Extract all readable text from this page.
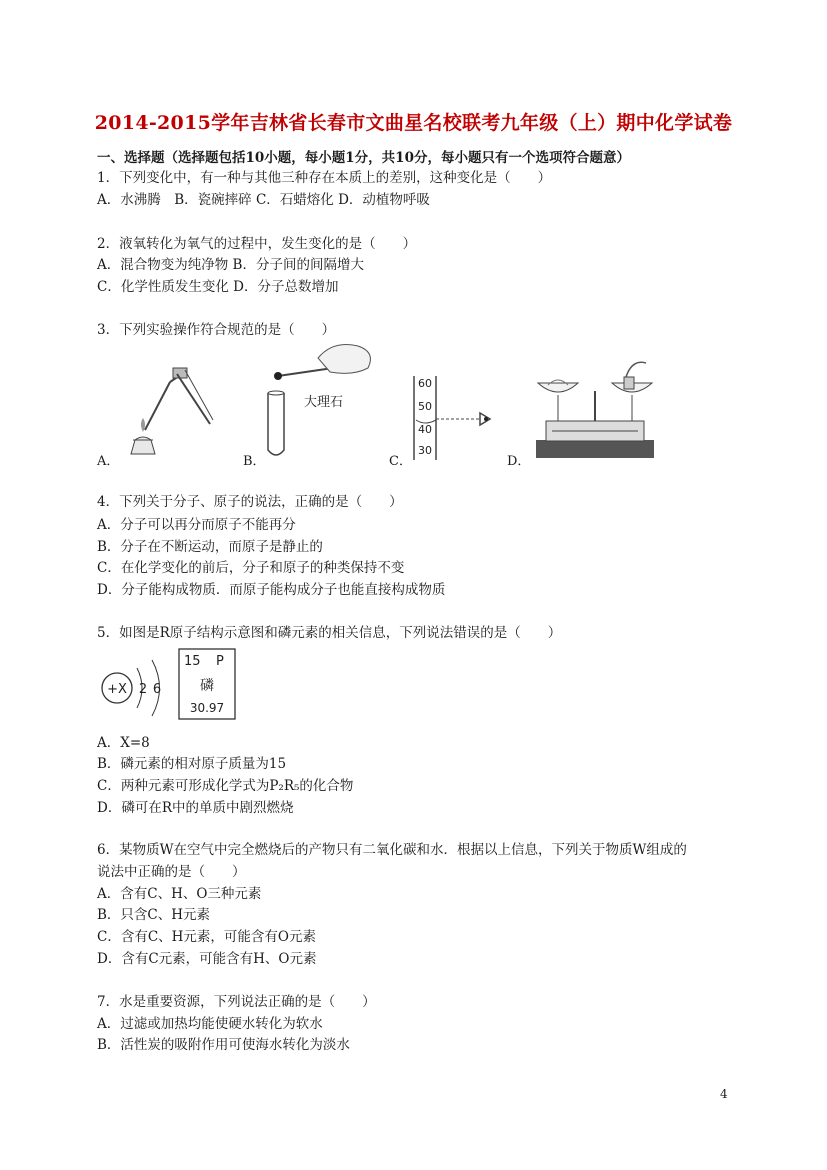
2014-2015学年吉林省长春市文曲星名校联考九年级（上）期中化学试卷
一、选择题（选择题包括10小题，每小题1分，共10分，每小题只有一个选项符合题意）
1．下列变化中，有一种与其他三种存在本质上的差别，这种变化是（　　）
A．水沸腾　B．瓷碗摔碎 C．石蜡熔化 D．动植物呼吸
2．液氧转化为氧气的过程中，发生变化的是（　　）
A．混合物变为纯净物 B．分子间的间隔增大
C．化学性质发生变化 D．分子总数增加
3．下列实验操作符合规范的是（　　）
A．	B．	C．	D．
大理石
60
50
40
30
4．下列关于分子、原子的说法，正确的是（　　）
A．分子可以再分而原子不能再分
B．分子在不断运动，而原子是静止的
C．在化学变化的前后，分子和原子的种类保持不变
D．分子能构成物质．而原子能构成分子也能直接构成物质
5．如图是R原子结构示意图和磷元素的相关信息，下列说法错误的是（　　）
+X 2 6
15 P
磷
30.97
A．X=8
B．磷元素的相对原子质量为15
C．两种元素可形成化学式为P₂R₅的化合物
D．磷可在R中的单质中剧烈燃烧
6．某物质W在空气中完全燃烧后的产物只有二氧化碳和水．根据以上信息，下列关于物质W组成的
说法中正确的是（　　）
A．含有C、H、O三种元素
B．只含C、H元素
C．含有C、H元素，可能含有O元素
D．含有C元素，可能含有H、O元素
7．水是重要资源，下列说法正确的是（　　）
A．过滤或加热均能使硬水转化为软水
B．活性炭的吸附作用可使海水转化为淡水
4
